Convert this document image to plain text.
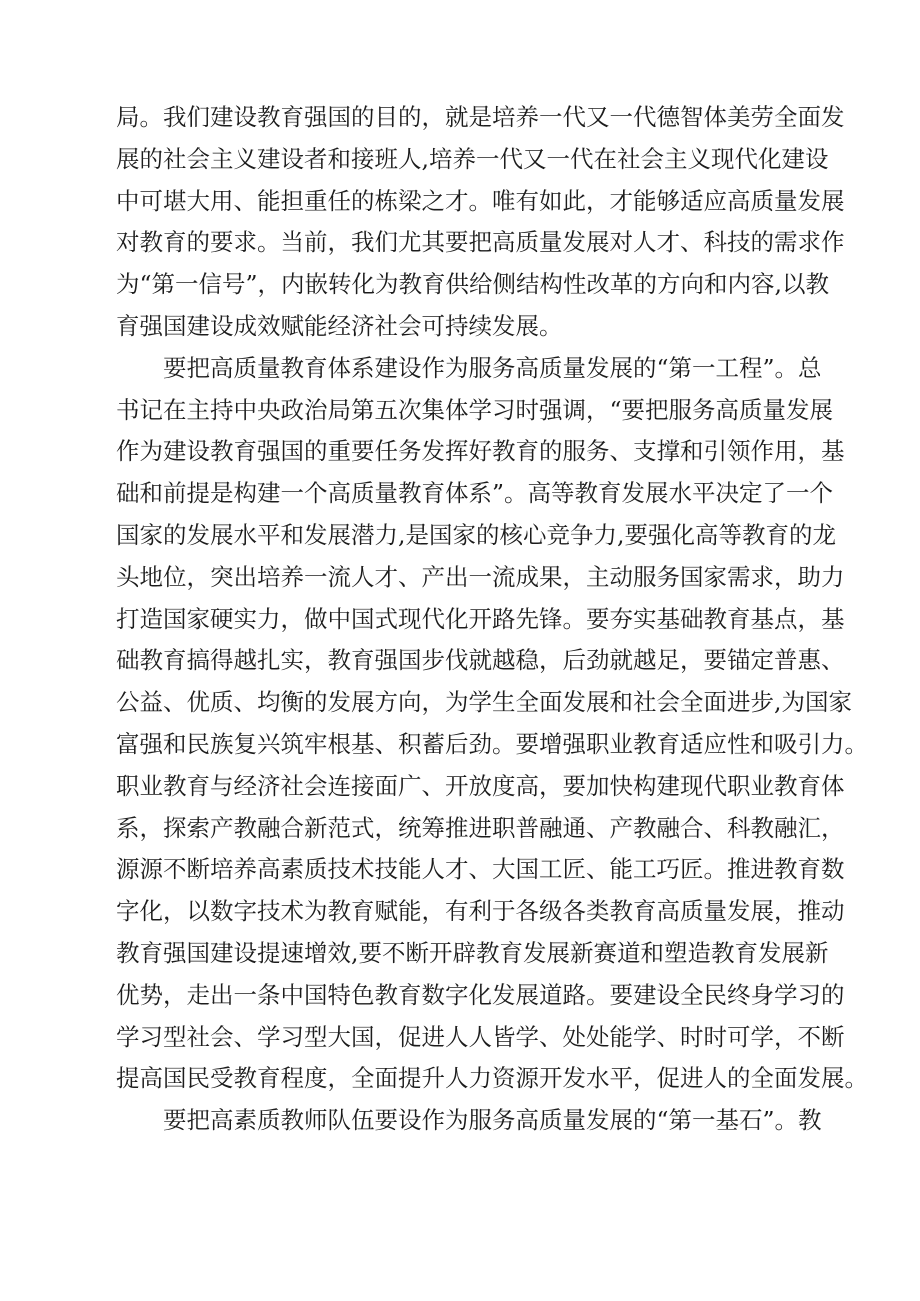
局。我们建设教育强国的目的，就是培养一代又一代德智体美劳全面发
展的社会主义建设者和接班人,培养一代又一代在社会主义现代化建设
中可堪大用、能担重任的栋梁之才。唯有如此，才能够适应高质量发展
对教育的要求。当前，我们尤其要把高质量发展对人才、科技的需求作
为“第一信号”，内嵌转化为教育供给侧结构性改革的方向和内容,以教
育强国建设成效赋能经济社会可持续发展。
要把高质量教育体系建设作为服务高质量发展的“第一工程”。总
书记在主持中央政治局第五次集体学习时强调，“要把服务高质量发展
作为建设教育强国的重要任务发挥好教育的服务、支撑和引领作用，基
础和前提是构建一个高质量教育体系”。高等教育发展水平决定了一个
国家的发展水平和发展潜力,是国家的核心竞争力,要强化高等教育的龙
头地位，突出培养一流人才、产出一流成果，主动服务国家需求，助力
打造国家硬实力，做中国式现代化开路先锋。要夯实基础教育基点，基
础教育搞得越扎实，教育强国步伐就越稳，后劲就越足，要锚定普惠、
公益、优质、均衡的发展方向，为学生全面发展和社会全面进步,为国家
富强和民族复兴筑牢根基、积蓄后劲。要增强职业教育适应性和吸引力。
职业教育与经济社会连接面广、开放度高，要加快构建现代职业教育体
系，探索产教融合新范式，统筹推进职普融通、产教融合、科教融汇，
源源不断培养高素质技术技能人才、大国工匠、能工巧匠。推进教育数
字化，以数字技术为教育赋能，有利于各级各类教育高质量发展，推动
教育强国建设提速增效,要不断开辟教育发展新赛道和塑造教育发展新
优势，走出一条中国特色教育数字化发展道路。要建设全民终身学习的
学习型社会、学习型大国，促进人人皆学、处处能学、时时可学，不断
提高国民受教育程度，全面提升人力资源开发水平，促进人的全面发展。
要把高素质教师队伍要设作为服务高质量发展的“第一基石”。教
